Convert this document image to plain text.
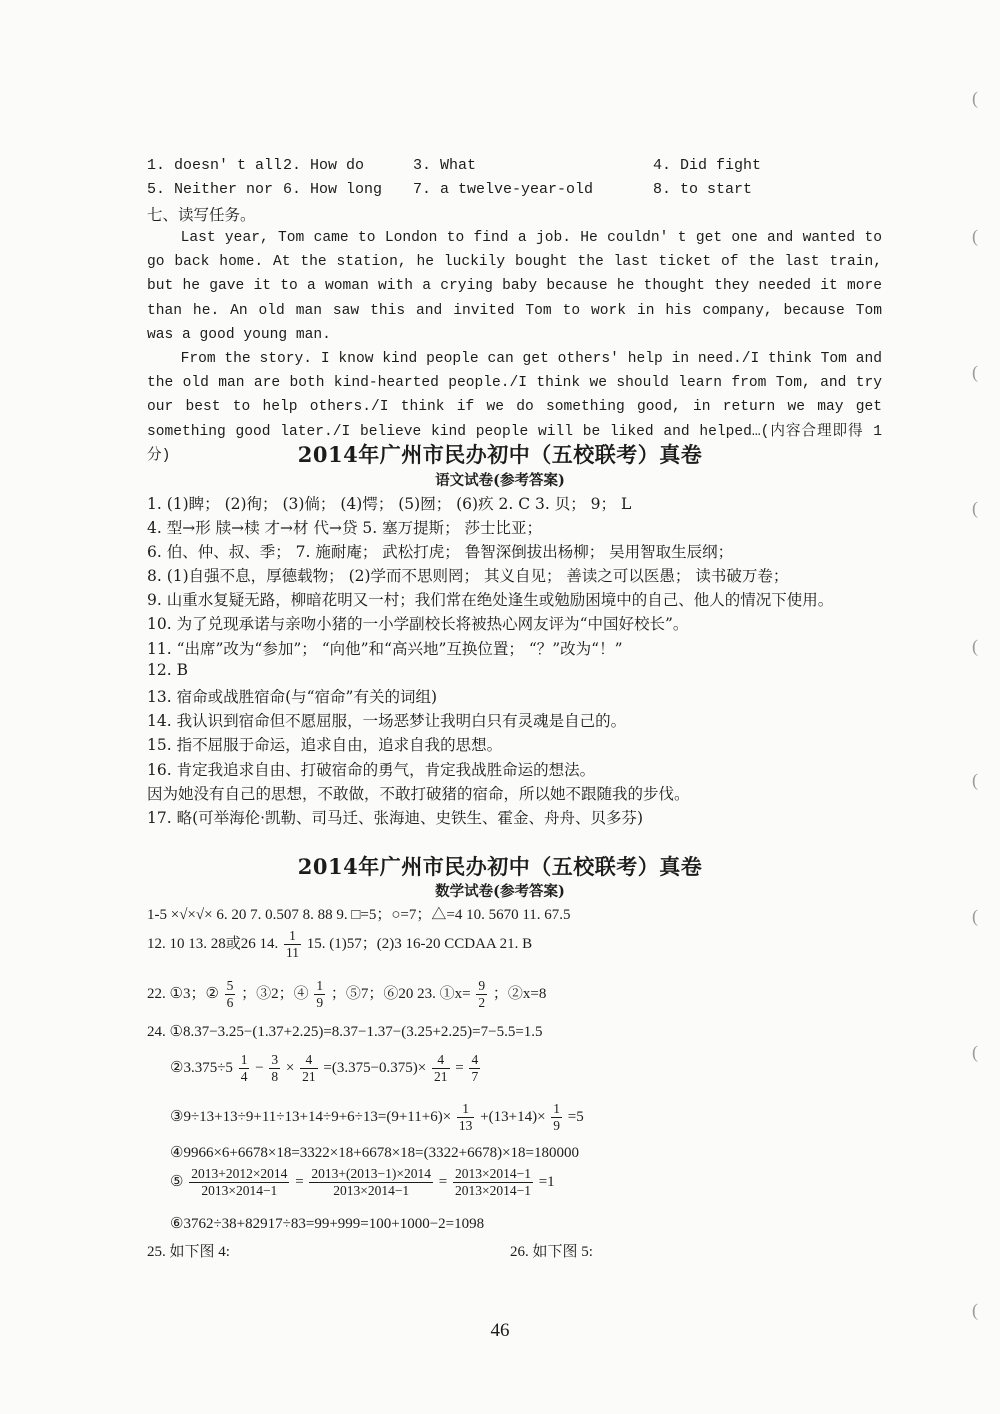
(
(
(
(
(
(
(
(
(
1. doesn' t all 2. How do	3. What	4. Did fight
5. Neither nor 6. How long 7. a twelve-year-old	8. to start
七、读写任务。

Last year, Tom came to London to find a job. He couldn' t get one and wanted to go back home. At the station, he luckily bought the last ticket of the last train, but he gave it to a woman with a crying baby because he thought they needed it more than he. An old man saw this and invited Tom to work in his company, because Tom was a good young man.

From the story. I know kind people can get others' help in need./I think Tom and the old man are both kind-hearted people./I think we should learn from Tom, and try our best to help others./I think if we do something good, in return we may get something good later./I believe kind people will be liked and helped…(内容合理即得 1 分)	2014年广州市民办初中（五校联考）真卷
语文试卷(参考答案)
1. (1)睥； (2)徇； (3)倘； (4)愕； (5)囫； (6)疚 2. C 3. 贝； 9； L
4. 型→形 牍→椟 才→材 代→贷 5. 塞万提斯； 莎士比亚；
6. 伯、仲、叔、季； 7. 施耐庵； 武松打虎； 鲁智深倒拔出杨柳； 吴用智取生辰纲；
8. (1)自强不息，厚德载物； (2)学而不思则罔； 其义自见； 善读之可以医愚； 读书破万卷；
9. 山重水复疑无路，柳暗花明又一村；我们常在绝处逢生或勉励困境中的自己、他人的情况下使用。
10. 为了兑现承诺与亲吻小猪的一小学副校长将被热心网友评为“中国好校长”。
11. “出席”改为“参加”； “向他”和“高兴地”互换位置； “？”改为“！”
12. B
13. 宿命或战胜宿命(与“宿命”有关的词组)
14. 我认识到宿命但不愿屈服，一场恶梦让我明白只有灵魂是自己的。
15. 指不屈服于命运，追求自由，追求自我的思想。
16. 肯定我追求自由、打破宿命的勇气，肯定我战胜命运的想法。
因为她没有自己的思想，不敢做，不敢打破猪的宿命，所以她不跟随我的步伐。
17. 略(可举海伦·凯勒、司马迁、张海迪、史铁生、霍金、舟舟、贝多芬)
2014年广州市民办初中（五校联考）真卷
数学试卷(参考答案)
1-5 ×√×√× 6. 20 7. 0.507 8. 88 9. □=5；○=7；△=4 10. 5670 11. 67.5
12. 10 13. 28或26 14. $\frac{1}{11} 15$. (1)57；(2)3 16-20 CCDAA 21. B
22. ①3；② $\frac{5}{6}$ ；③2；④ $\frac{1}{9}$ ；⑤7；⑥20 23. ①x= $\frac{9}{2}$ ；②x=8
24. ①8.37−3.25−(1.37+2.25)=8.37−1.37−(3.25+2.25)=7−5.5=1.5
②3.375÷5 $\frac{1}{4} - \frac{3}{8} \times \frac{4}{21} =(3.375-0.375)\times \frac{4}{21} = \frac{4}{7}$
③9÷13+13÷9+11÷13+14÷9+6÷13=(9+11+6)× $\frac{1}{13} +(13+14)\times \frac{1}{9} =5$
④9966×6+6678×18=3322×18+6678×18=(3322+6678)×18=180000
⑤ $\frac{2013+2012\times 2014}{2013\times 2014-1} = \frac{2013+(2013-1)\times 2014}{2013\times 2014-1} = \frac{2013\times 2014-1}{2013\times 2014-1} =1$
⑥3762÷38+82917÷83=99+999=100+1000−2=1098
25. 如下图 4:	26. 如下图 5:
46
